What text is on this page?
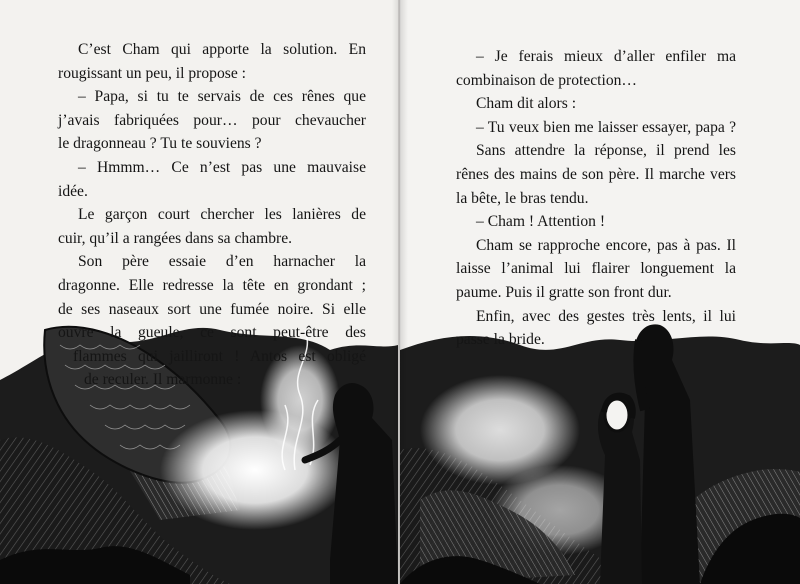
C’est Cham qui apporte la solution. En
rougissant un peu, il propose :
– Papa, si tu te servais de ces rênes que
j’avais fabriquées pour… pour chevaucher
le dragonneau ? Tu te souviens ?
– Hmmm… Ce n’est pas une mauvaise
idée.
Le garçon court chercher les lanières de
cuir, qu’il a rangées dans sa chambre.
Son père essaie d’en harnacher la
dragonne. Elle redresse la tête en grondant ;
de ses naseaux sort une fumée noire. Si elle
ouvre la gueule, ce sont peut-être des
flammes qui jailliront ! Antos est obligé
de reculer. Il marmonne :
– Je ferais mieux d’aller enfiler ma
combinaison de protection…
Cham dit alors :
– Tu veux bien me laisser essayer, papa ?
Sans attendre la réponse, il prend les
rênes des mains de son père. Il marche vers
la bête, le bras tendu.
– Cham ! Attention !
Cham se rapproche encore, pas à pas. Il
laisse l’animal lui flairer longuement la
paume. Puis il gratte son front dur.
Enfin, avec des gestes très lents, il lui
passe la bride.
